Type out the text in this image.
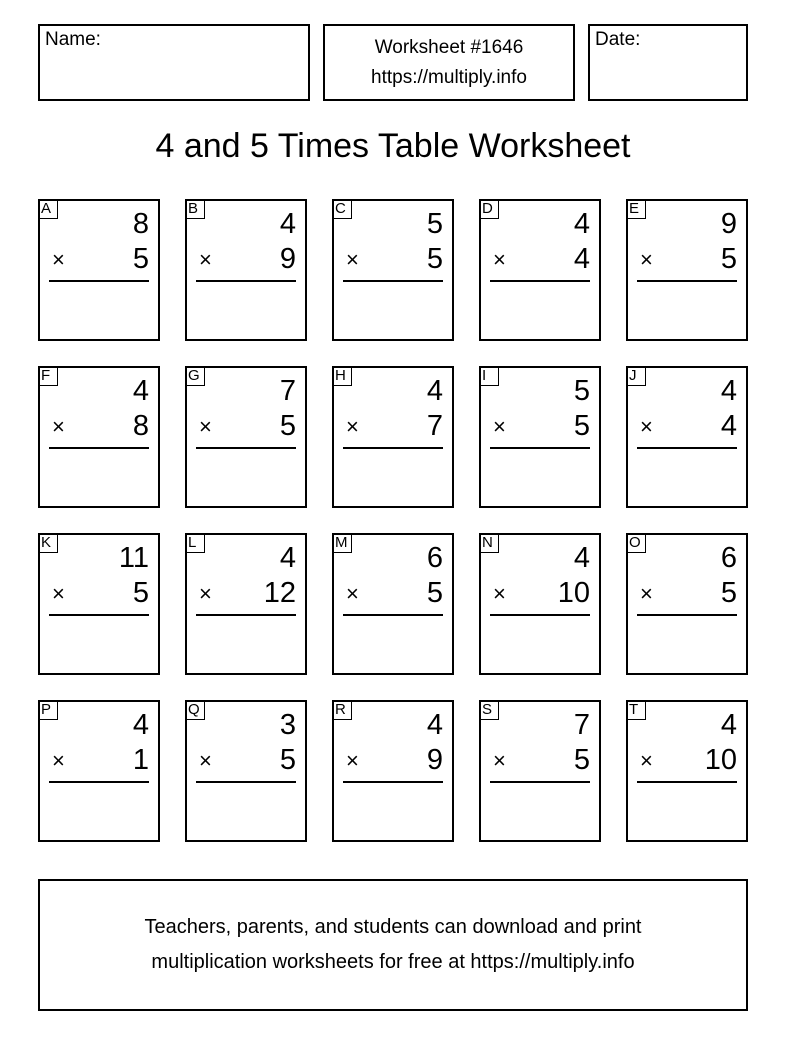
Name:	Worksheet #1646
https://multiply.info
Date:
4 and 5 Times Table Worksheet
A	8
× 5
B	4
× 9
C	5
× 5
D	4
× 4
E	9
× 5
F	4
× 8
G	7
× 5
H	4
× 7
I	5
× 5
J	4
× 4
K 11
× 5
L	4
× 12
M	6
× 5
N	4
× 10
O	6
× 5
P	4
× 1
Q	3
× 5
R	4
× 9
S	7
× 5
T	4
× 10
Teachers, parents, and students can download and print
multiplication worksheets for free at https://multiply.info
